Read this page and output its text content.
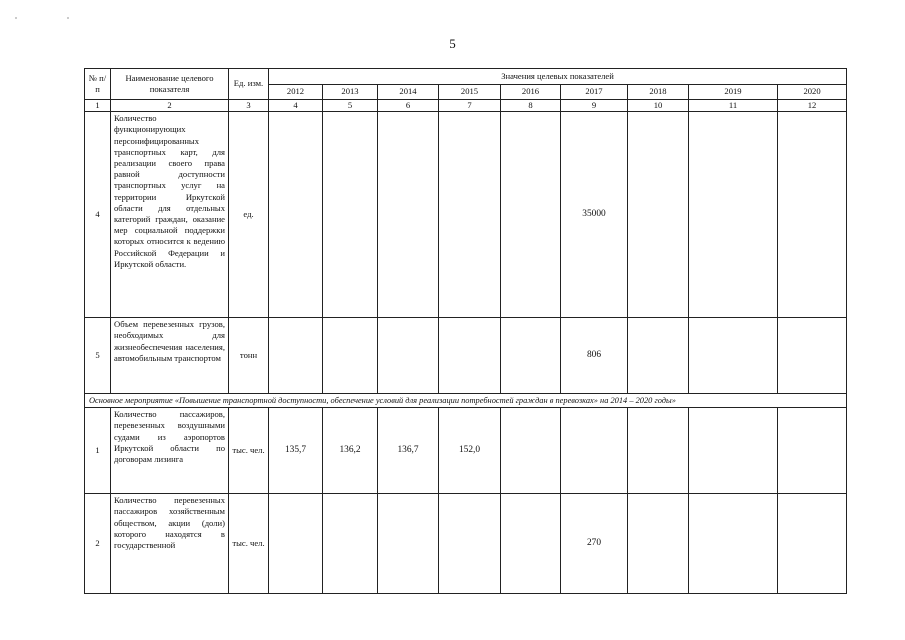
5
№ п/п	Наименование целевого показателя	Ед. изм.	Значения целевых показателей								
			2012	2013	2014	2015	2016	2017	2018	2019	2020
1	2	3	4	5	6	7	8	9	10	11	12
4	Количество функционирующих персонифицированных транспортных карт, для реализации своего права равной доступности транспортных услуг на территории Иркутской области для отдельных категорий граждан, оказание мер социальной поддержки которых относится к ведению Российской Федерации и Иркутской области.	ед.						35000			
5	Объем перевезенных грузов, необходимых для жизнеобеспечения населения, автомобильным транспортом	тонн						806			
Основное мероприятие «Повышение транспортной доступности, обеспечение условий для реализации потребностей граждан в перевозках» на 2014 – 2020 годы»											
1	Количество пассажиров, перевезенных воздушными судами из аэропортов Иркутской области по договорам лизинга	тыс. чел.	135,7	136,2	136,7	152,0					
2	Количество перевезенных пассажиров хозяйственным обществом, акции (доли) которого находятся в государственной	тыс. чел.						270			
